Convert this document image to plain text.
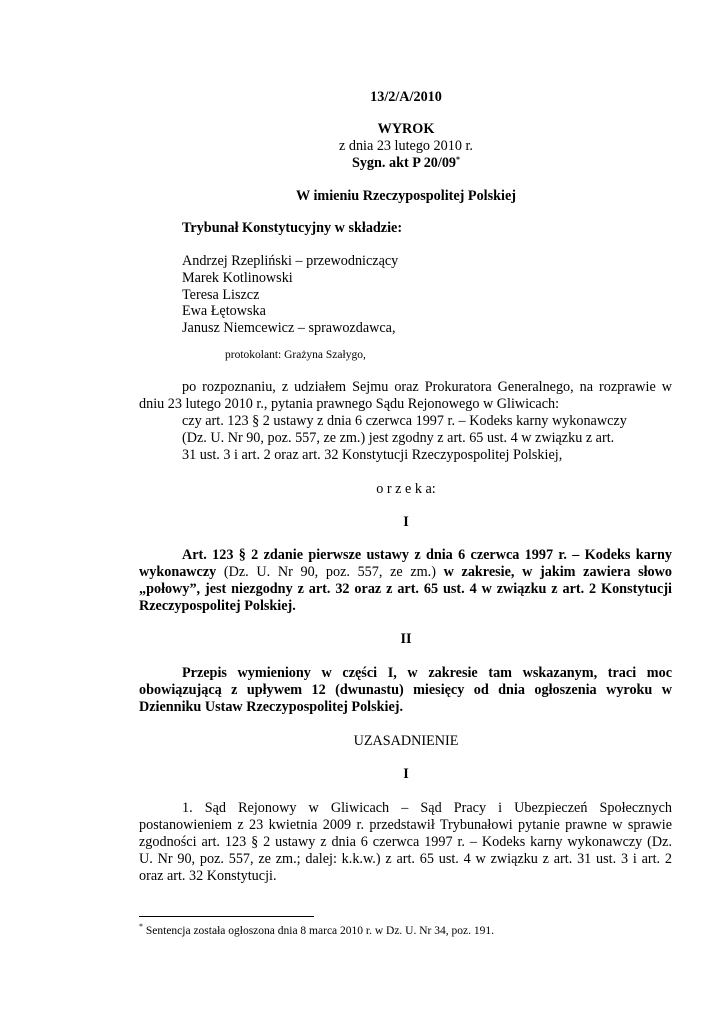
13/2/A/2010
WYROK
z dnia 23 lutego 2010 r.
Sygn. akt P 20/09*
W imieniu Rzeczypospolitej Polskiej
Trybunał Konstytucyjny w składzie:
Andrzej Rzepliński – przewodniczący
Marek Kotlinowski
Teresa Liszcz
Ewa Łętowska
Janusz Niemcewicz – sprawozdawca,
protokolant: Grażyna Szałygo,
po rozpoznaniu, z udziałem Sejmu oraz Prokuratora Generalnego, na rozprawie w
dniu 23 lutego 2010 r., pytania prawnego Sądu Rejonowego w Gliwicach:
czy art. 123 § 2 ustawy z dnia 6 czerwca 1997 r. – Kodeks karny wykonawczy
(Dz. U. Nr 90, poz. 557, ze zm.) jest zgodny z art. 65 ust. 4 w związku z art.
31 ust. 3 i art. 2 oraz art. 32 Konstytucji Rzeczypospolitej Polskiej,
o r z e k a:
I
Art. 123 § 2 zdanie pierwsze ustawy z dnia 6 czerwca 1997 r. – Kodeks karny
wykonawczy (Dz. U. Nr 90, poz. 557, ze zm.) w zakresie, w jakim zawiera słowo
„połowy”, jest niezgodny z art. 32 oraz z art. 65 ust. 4 w związku z art. 2 Konstytucji
Rzeczypospolitej Polskiej.
II
Przepis wymieniony w części I, w zakresie tam wskazanym, traci moc
obowiązującą z upływem 12 (dwunastu) miesięcy od dnia ogłoszenia wyroku w
Dzienniku Ustaw Rzeczypospolitej Polskiej.
UZASADNIENIE
I
1. Sąd Rejonowy w Gliwicach – Sąd Pracy i Ubezpieczeń Społecznych
postanowieniem z 23 kwietnia 2009 r. przedstawił Trybunałowi pytanie prawne w sprawie
zgodności art. 123 § 2 ustawy z dnia 6 czerwca 1997 r. – Kodeks karny wykonawczy (Dz.
U. Nr 90, poz. 557, ze zm.; dalej: k.k.w.) z art. 65 ust. 4 w związku z art. 31 ust. 3 i art. 2
oraz art. 32 Konstytucji.
* Sentencja została ogłoszona dnia 8 marca 2010 r. w Dz. U. Nr 34, poz. 191.
